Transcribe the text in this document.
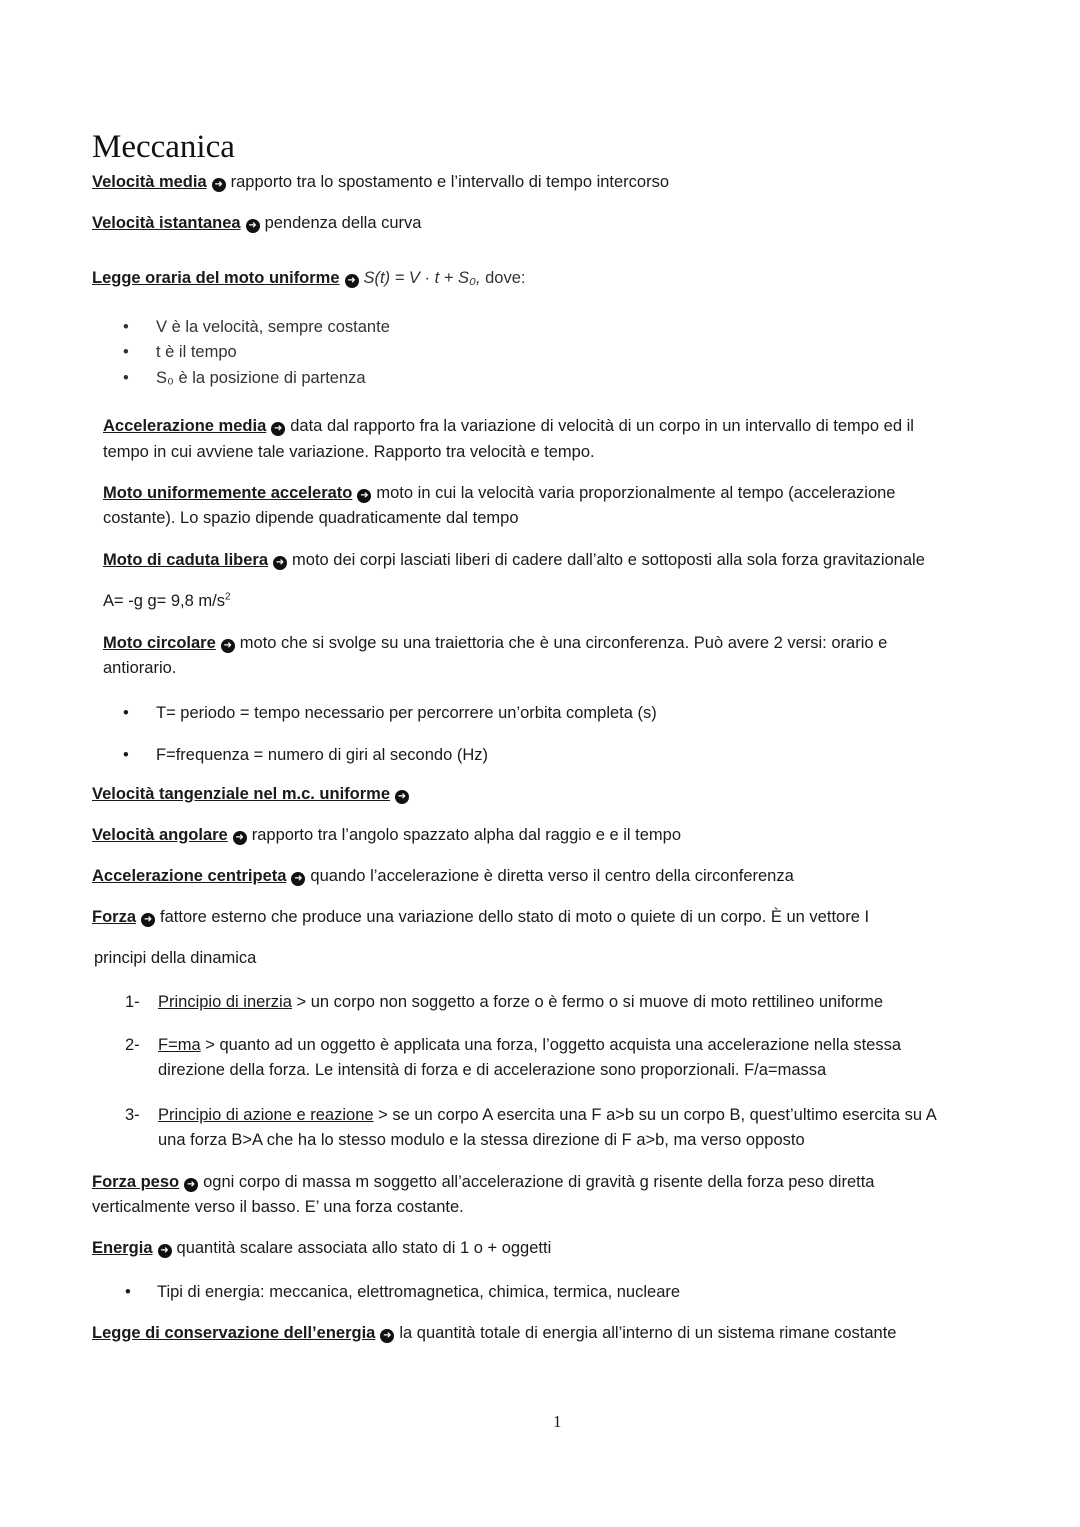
Meccanica
Velocità media ➜ rapporto tra lo spostamento e l’intervallo di tempo intercorso
Velocità istantanea ➜ pendenza della curva
Legge oraria del moto uniforme ➜ S(t) = V · t + S₀, dove:
• V è la velocità, sempre costante
• t è il tempo
• S₀ è la posizione di partenza
Accelerazione media ➜ data dal rapporto fra la variazione di velocità di un corpo in un intervallo di tempo ed il
tempo in cui avviene tale variazione. Rapporto tra velocità e tempo.
Moto uniformemente accelerato ➜ moto in cui la velocità varia proporzionalmente al tempo (accelerazione
costante). Lo spazio dipende quadraticamente dal tempo
Moto di caduta libera ➜ moto dei corpi lasciati liberi di cadere dall’alto e sottoposti alla sola forza gravitazionale
A= -g g= 9,8 $m/s^2$
Moto circolare ➜ moto che si svolge su una traiettoria che è una circonferenza. Può avere 2 versi: orario e
antiorario.
• T= periodo = tempo necessario per percorrere un’orbita completa (s)
• F=frequenza = numero di giri al secondo (Hz)
Velocità tangenziale nel m.c. uniforme➜
Velocità angolare ➜ rapporto tra l’angolo spazzato alpha dal raggio e e il tempo
Accelerazione centripeta ➜ quando l’accelerazione è diretta verso il centro della circonferenza
Forza ➜ fattore esterno che produce una variazione dello stato di moto o quiete di un corpo. È un vettore I
principi della dinamica
1- Principio di inerzia > un corpo non soggetto a forze o è fermo o si muove di moto rettilineo uniforme
2- F=ma > quanto ad un oggetto è applicata una forza, l’oggetto acquista una accelerazione nella stessa
direzione della forza. Le intensità di forza e di accelerazione sono proporzionali. F/a=massa
3- Principio di azione e reazione > se un corpo A esercita una F a>b su un corpo B, quest’ultimo esercita su A
una forza B>A che ha lo stesso modulo e la stessa direzione di F a>b, ma verso opposto
Forza peso ➜ ogni corpo di massa m soggetto all’accelerazione di gravità g risente della forza peso diretta
verticalmente verso il basso. E’ una forza costante.
Energia ➜ quantità scalare associata allo stato di 1 o + oggetti
• Tipi di energia: meccanica, elettromagnetica, chimica, termica, nucleare
Legge di conservazione dell’energia ➜ la quantità totale di energia all’interno di un sistema rimane costante
1
